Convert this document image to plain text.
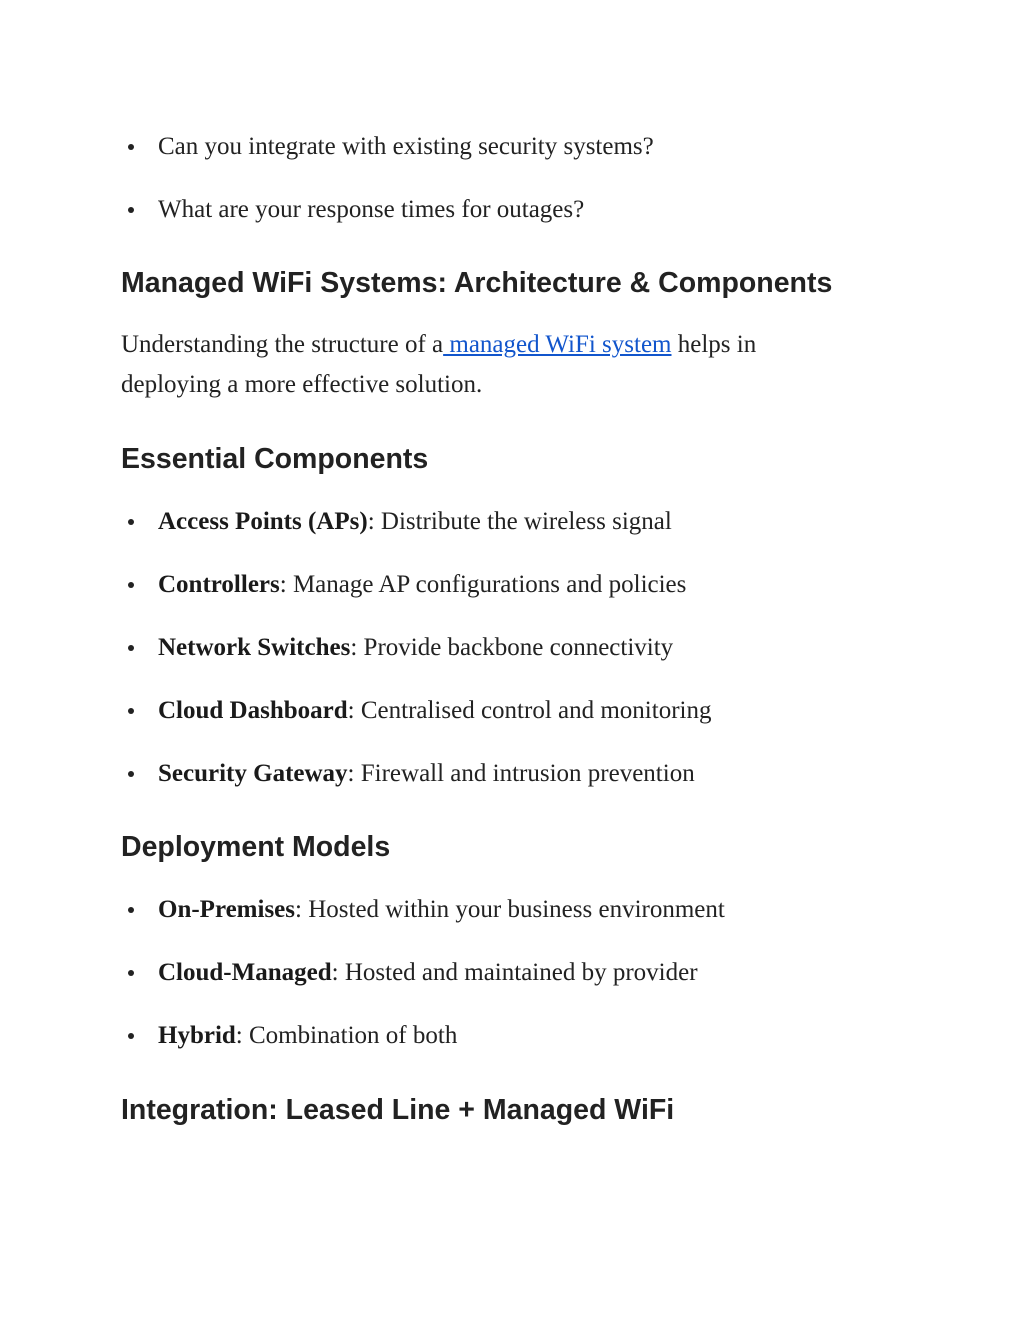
Can you integrate with existing security systems?
What are your response times for outages?
Managed WiFi Systems: Architecture & Components

Understanding the structure of a managed WiFi system helps in deploying a more effective solution.

Essential Components
Access Points (APs): Distribute the wireless signal
Controllers: Manage AP configurations and policies
Network Switches: Provide backbone connectivity
Cloud Dashboard: Centralised control and monitoring
Security Gateway: Firewall and intrusion prevention
Deployment Models
On-Premises: Hosted within your business environment
Cloud-Managed: Hosted and maintained by provider
Hybrid: Combination of both
Integration: Leased Line + Managed WiFi
